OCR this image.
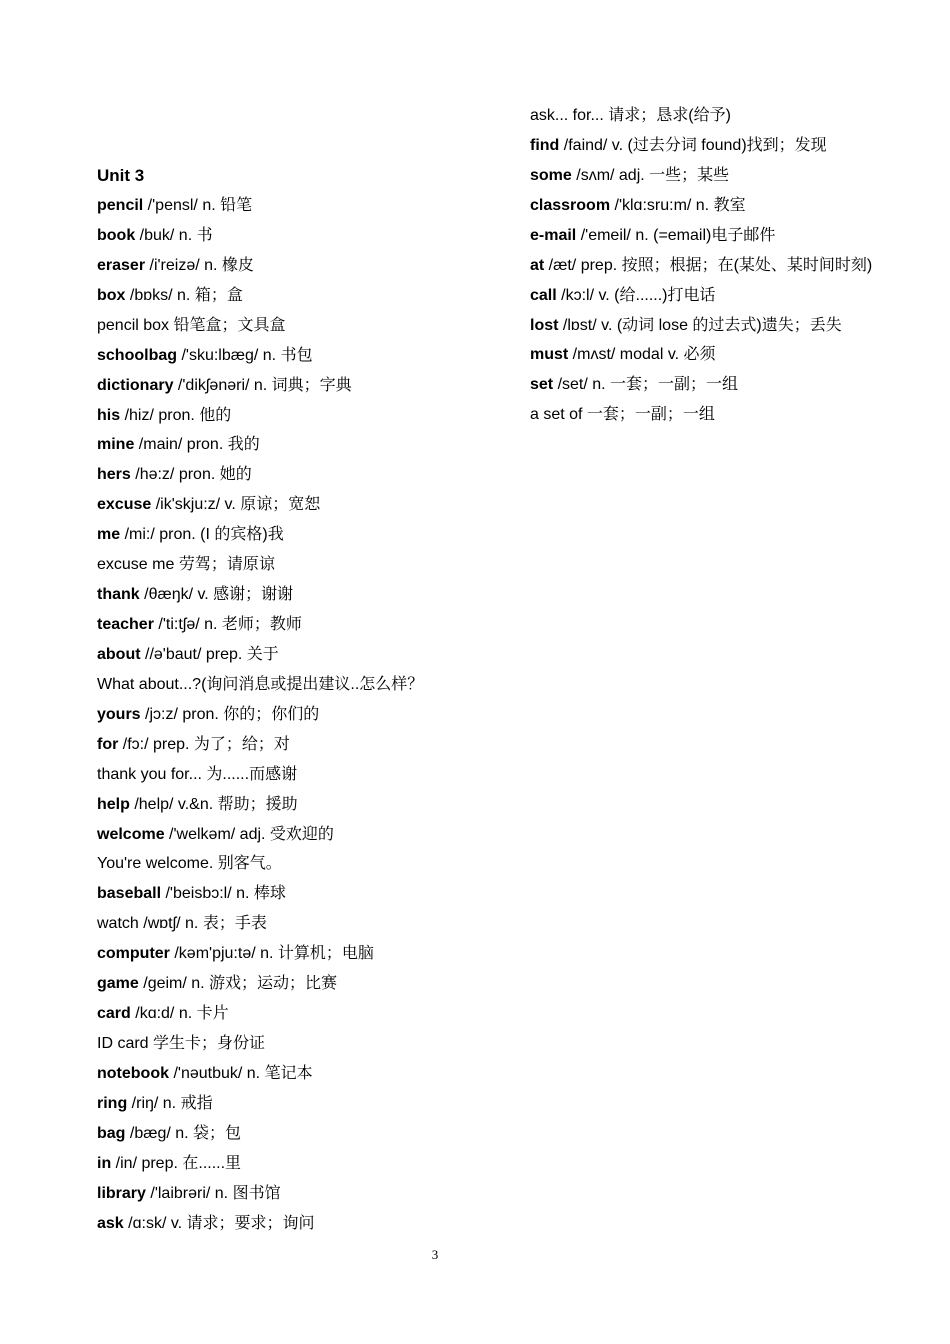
Unit 3
pencil /'pensl/ n. 铅笔
book /buk/ n. 书
eraser /i'reizə/ n. 橡皮
box /bɒks/ n. 箱；盒
pencil box 铅笔盒；文具盒
schoolbag /'sku:lbæg/ n. 书包
dictionary /'dikʃənəri/ n. 词典；字典
his /hiz/ pron. 他的
mine /main/ pron. 我的
hers /hə:z/ pron. 她的
excuse /ik'skju:z/ v. 原谅；宽恕
me /mi:/ pron. (I 的宾格)我
excuse me 劳驾；请原谅
thank /θæŋk/ v. 感谢；谢谢
teacher /'ti:tʃə/ n. 老师；教师
about //ə'baut/ prep. 关于
What about...?(询问消息或提出建议..怎么样？
yours /jɔ:z/ pron. 你的；你们的
for /fɔ:/ prep. 为了；给；对
thank you for... 为......而感谢
help /help/ v.&n. 帮助；援助
welcome /'welkəm/ adj. 受欢迎的
You're welcome. 别客气。
baseball /'beisbɔ:l/ n. 棒球
watch /wɒtʃ/ n. 表；手表
computer /kəm'pju:tə/ n. 计算机；电脑
game /geim/ n. 游戏；运动；比赛
card /kɑ:d/ n. 卡片
ID card 学生卡；身份证
notebook /'nəutbuk/ n. 笔记本
ring /riŋ/ n. 戒指
bag /bæg/ n. 袋；包
in /in/ prep. 在......里
library /'laibrəri/ n. 图书馆
ask /ɑ:sk/ v. 请求；要求；询问
ask... for... 请求；恳求(给予)
find /faind/ v. (过去分词 found)找到；发现
some /sʌm/ adj. 一些；某些
classroom /'klɑ:sru:m/ n. 教室
e-mail /'emeil/ n. (=email)电子邮件
at /æt/ prep. 按照；根据；在(某处、某时间时刻)
call /kɔ:l/ v. (给......)打电话
lost /lɒst/ v. (动词 lose 的过去式)遗失；丢失
must /mʌst/ modal v. 必须
set /set/ n. 一套；一副；一组
a set of 一套；一副；一组
3
